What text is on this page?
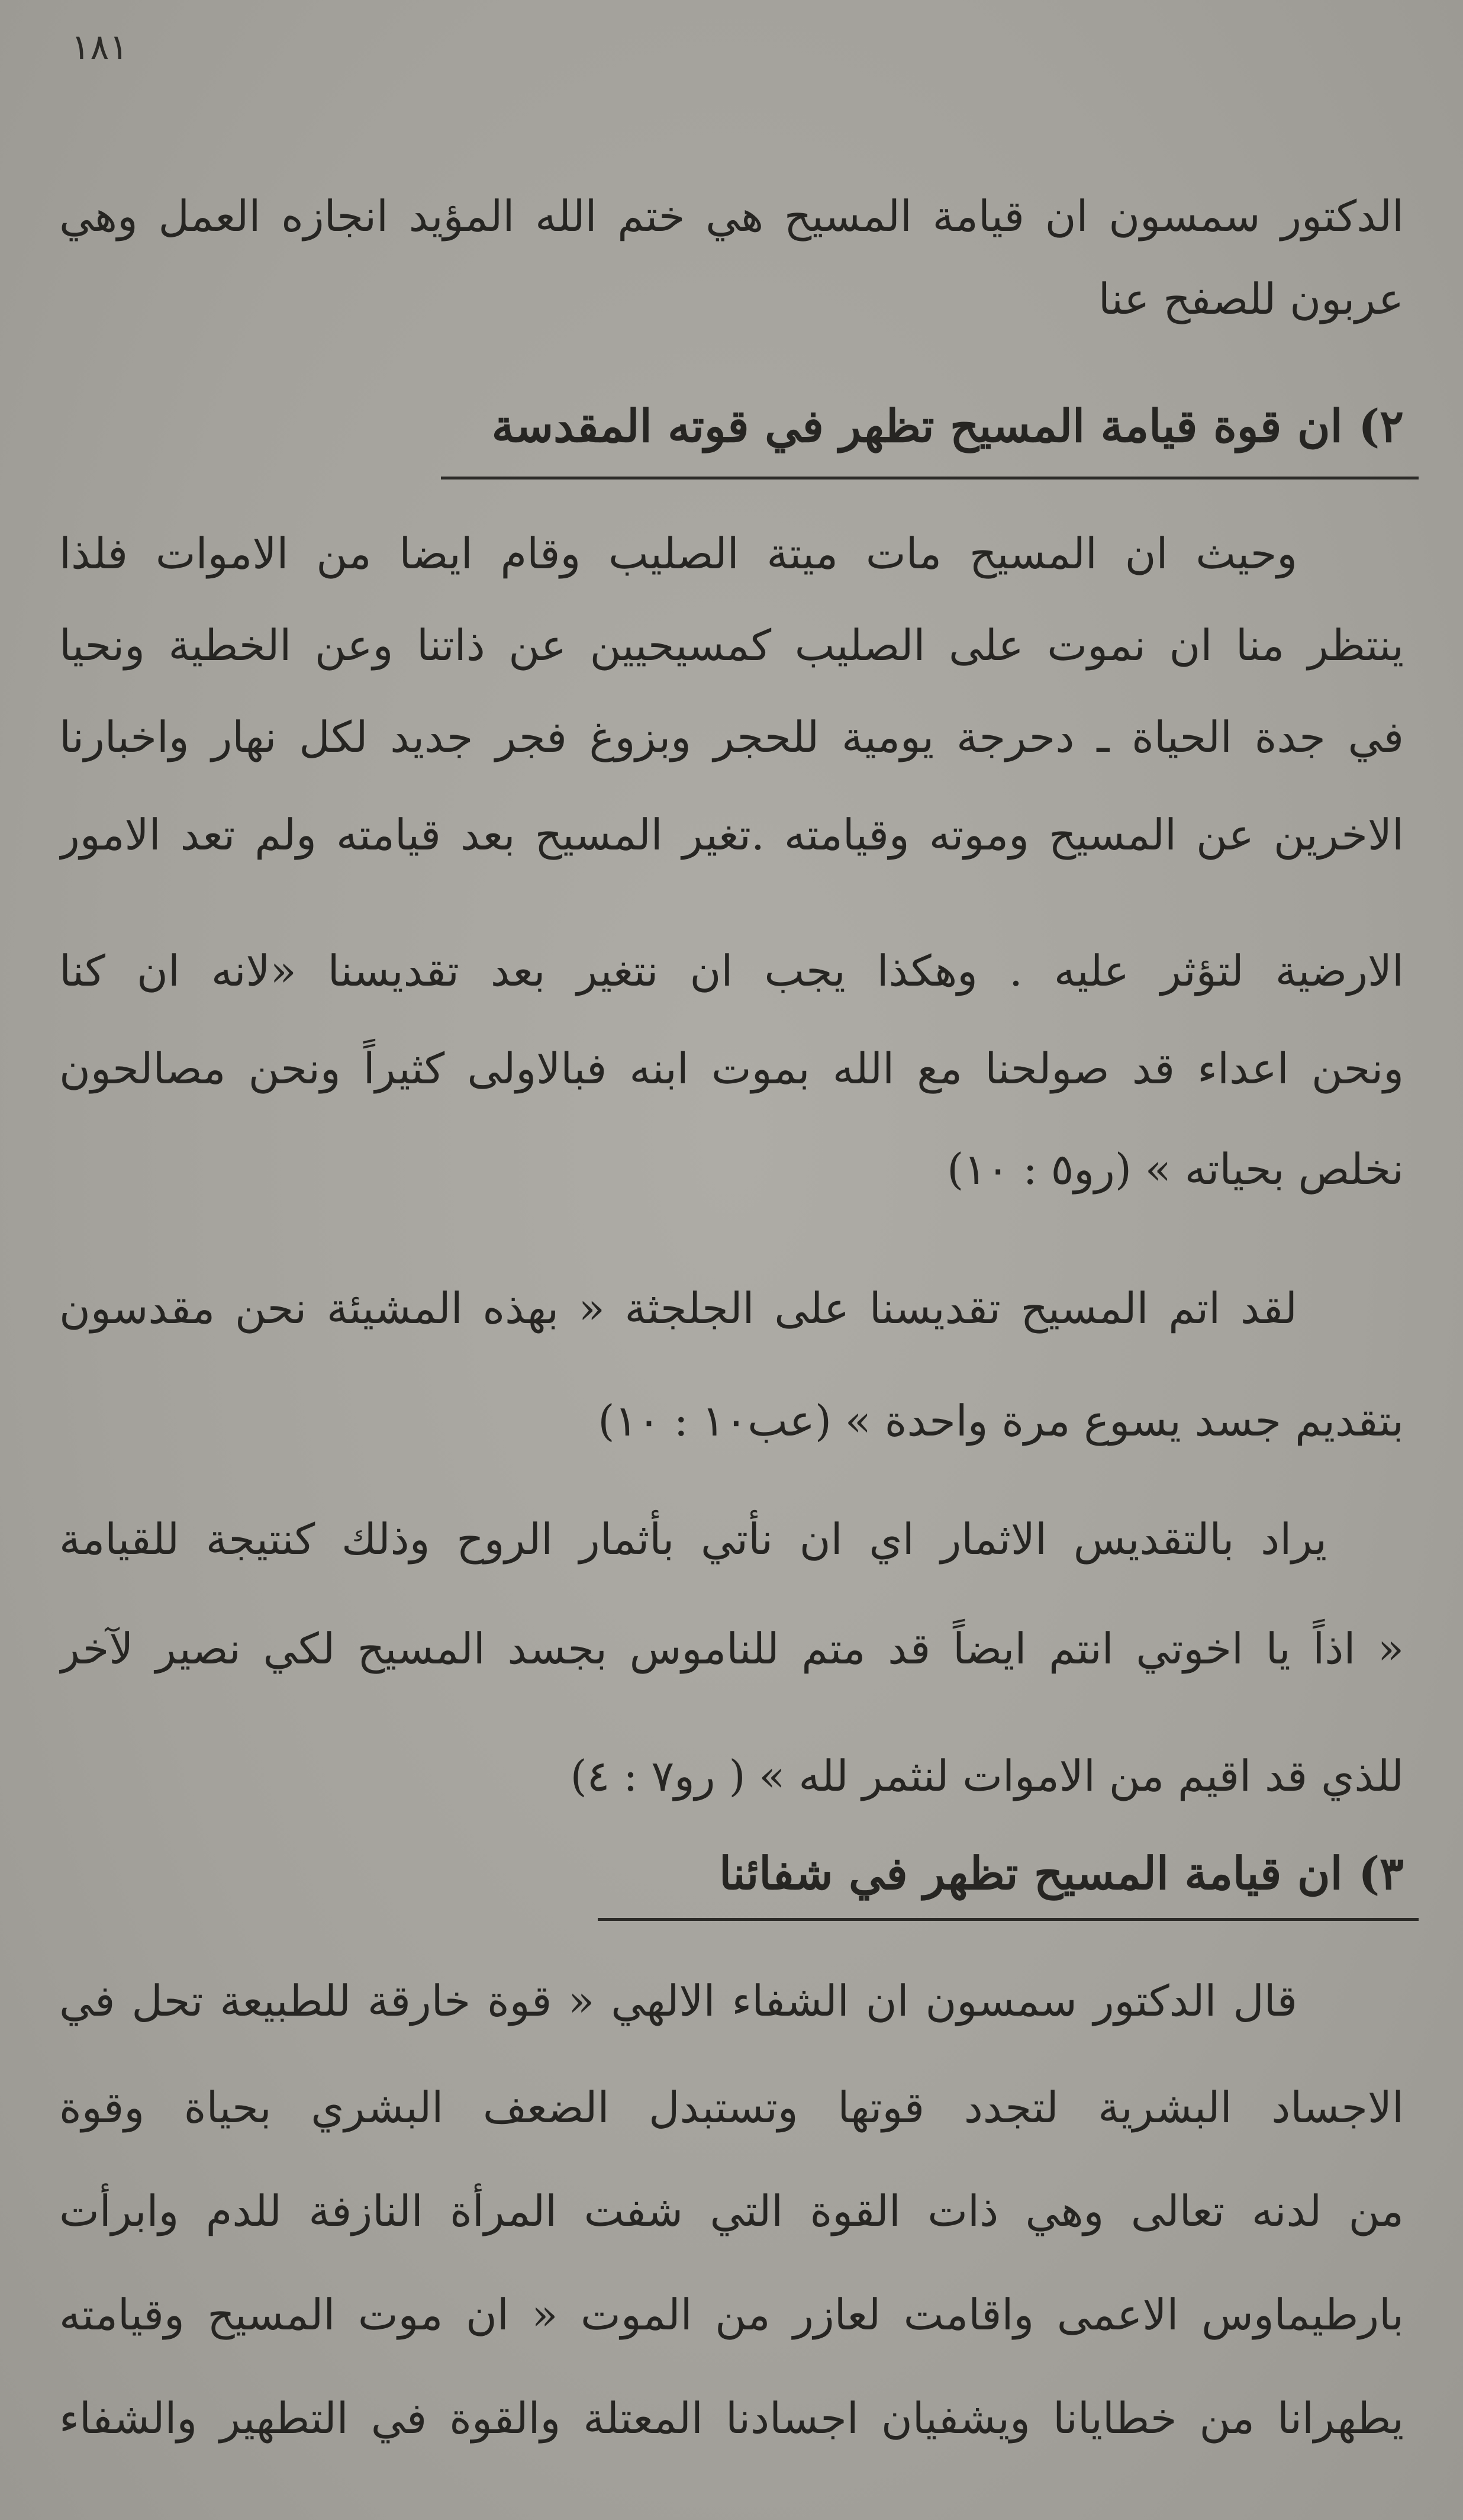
١٨١
الدكتور سمسون ان قيامة المسيح هي ختم الله المؤيد انجازه العمل وهي
عربون للصفح عنا
٢) ان قوة قيامة المسيح تظهر في قوته المقدسة
وحيث ان المسيح مات ميتة الصليب وقام ايضا من الاموات فلذا
ينتظر منا ان نموت على الصليب كمسيحيين عن ذاتنا وعن الخطية ونحيا
في جدة الحياة ـ دحرجة يومية للحجر وبزوغ فجر جديد لكل نهار واخبارنا
الاخرين عن المسيح وموته وقيامته .تغير المسيح بعد قيامته ولم تعد الامور
الارضية لتؤثر عليه . وهكذا يجب ان نتغير بعد تقديسنا «لانه ان كنا
ونحن اعداء قد صولحنا مع الله بموت ابنه فبالاولى كثيراً ونحن مصالحون
نخلص بحياته » (رو٥ : ١٠)
لقد اتم المسيح تقديسنا على الجلجثة « بهذه المشيئة نحن مقدسون
بتقديم جسد يسوع مرة واحدة » (عب١٠ : ١٠)
يراد بالتقديس الاثمار اي ان نأتي بأثمار الروح وذلك كنتيجة للقيامة
« اذاً يا اخوتي انتم ايضاً قد متم للناموس بجسد المسيح لكي نصير لآخر
للذي قد اقيم من الاموات لنثمر لله » ( رو٧ : ٤)
٣) ان قيامة المسيح تظهر في شفائنا
قال الدكتور سمسون ان الشفاء الالهي « قوة خارقة للطبيعة تحل في
الاجساد البشرية لتجدد قوتها وتستبدل الضعف البشري بحياة وقوة
من لدنه تعالى وهي ذات القوة التي شفت المرأة النازفة للدم وابرأت
بارطيماوس الاعمى واقامت لعازر من الموت « ان موت المسيح وقيامته
يطهرانا من خطايانا ويشفيان اجسادنا المعتلة والقوة في التطهير والشفاء
